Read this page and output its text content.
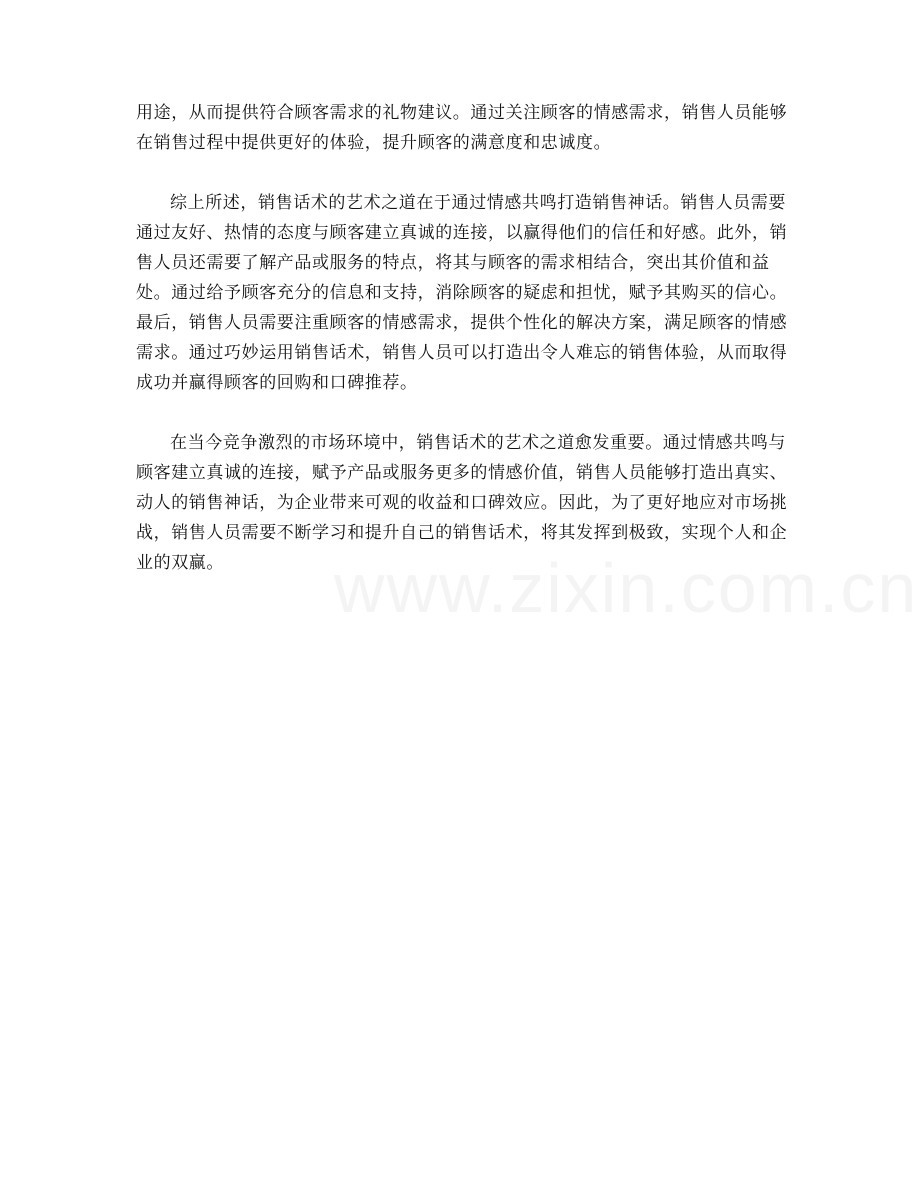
用途，从而提供符合顾客需求的礼物建议。通过关注顾客的情感需求，销售人员能够在销售过程中提供更好的体验，提升顾客的满意度和忠诚度。

综上所述，销售话术的艺术之道在于通过情感共鸣打造销售神话。销售人员需要通过友好、热情的态度与顾客建立真诚的连接，以赢得他们的信任和好感。此外，销售人员还需要了解产品或服务的特点，将其与顾客的需求相结合，突出其价值和益处。通过给予顾客充分的信息和支持，消除顾客的疑虑和担忧，赋予其购买的信心。最后，销售人员需要注重顾客的情感需求，提供个性化的解决方案，满足顾客的情感需求。通过巧妙运用销售话术，销售人员可以打造出令人难忘的销售体验，从而取得成功并赢得顾客的回购和口碑推荐。

在当今竞争激烈的市场环境中，销售话术的艺术之道愈发重要。通过情感共鸣与顾客建立真诚的连接，赋予产品或服务更多的情感价值，销售人员能够打造出真实、动人的销售神话，为企业带来可观的收益和口碑效应。因此，为了更好地应对市场挑战，销售人员需要不断学习和提升自己的销售话术，将其发挥到极致，实现个人和企业的双赢。	www.zixin.com.cn
